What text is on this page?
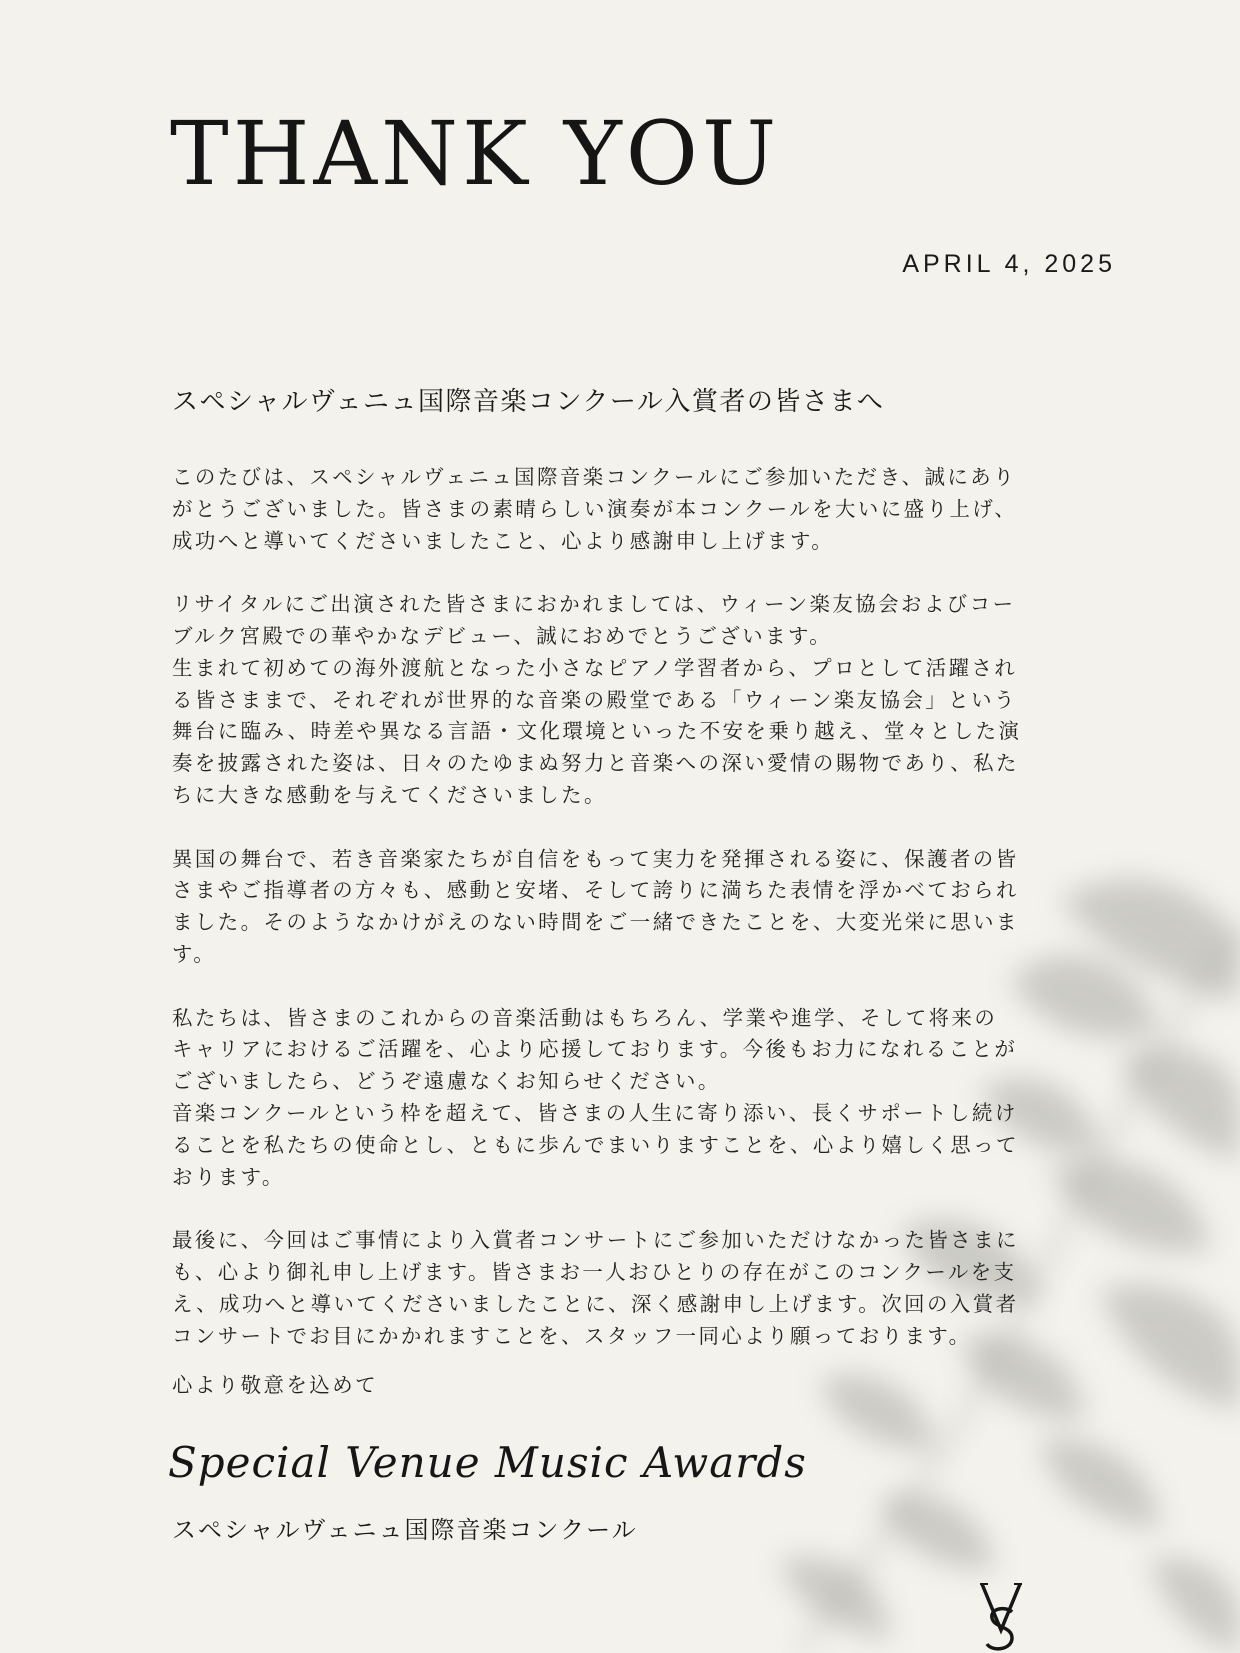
THANK YOU
APRIL 4, 2025
スペシャルヴェニュ国際音楽コンクール入賞者の皆さまへ

このたびは、スペシャルヴェニュ国際音楽コンクールにご参加いただき、誠にあり
がとうございました。皆さまの素晴らしい演奏が本コンクールを大いに盛り上げ、
成功へと導いてくださいましたこと、心より感謝申し上げます。

リサイタルにご出演された皆さまにおかれましては、ウィーン楽友協会およびコー
ブルク宮殿での華やかなデビュー、誠におめでとうございます。
生まれて初めての海外渡航となった小さなピアノ学習者から、プロとして活躍され
る皆さままで、それぞれが世界的な音楽の殿堂である「ウィーン楽友協会」という
舞台に臨み、時差や異なる言語・文化環境といった不安を乗り越え、堂々とした演
奏を披露された姿は、日々のたゆまぬ努力と音楽への深い愛情の賜物であり、私た
ちに大きな感動を与えてくださいました。

異国の舞台で、若き音楽家たちが自信をもって実力を発揮される姿に、保護者の皆
さまやご指導者の方々も、感動と安堵、そして誇りに満ちた表情を浮かべておられ
ました。そのようなかけがえのない時間をご一緒できたことを、大変光栄に思いま
す。

私たちは、皆さまのこれからの音楽活動はもちろん、学業や進学、そして将来の
キャリアにおけるご活躍を、心より応援しております。今後もお力になれることが
ございましたら、どうぞ遠慮なくお知らせください。
音楽コンクールという枠を超えて、皆さまの人生に寄り添い、長くサポートし続け
ることを私たちの使命とし、ともに歩んでまいりますことを、心より嬉しく思って
おります。

最後に、今回はご事情により入賞者コンサートにご参加いただけなかった皆さまに
も、心より御礼申し上げます。皆さまお一人おひとりの存在がこのコンクールを支
え、成功へと導いてくださいましたことに、深く感謝申し上げます。次回の入賞者
コンサートでお目にかかれますことを、スタッフ一同心より願っております。

心より敬意を込めて
Special Venue Music Awards
スペシャルヴェニュ国際音楽コンクール
